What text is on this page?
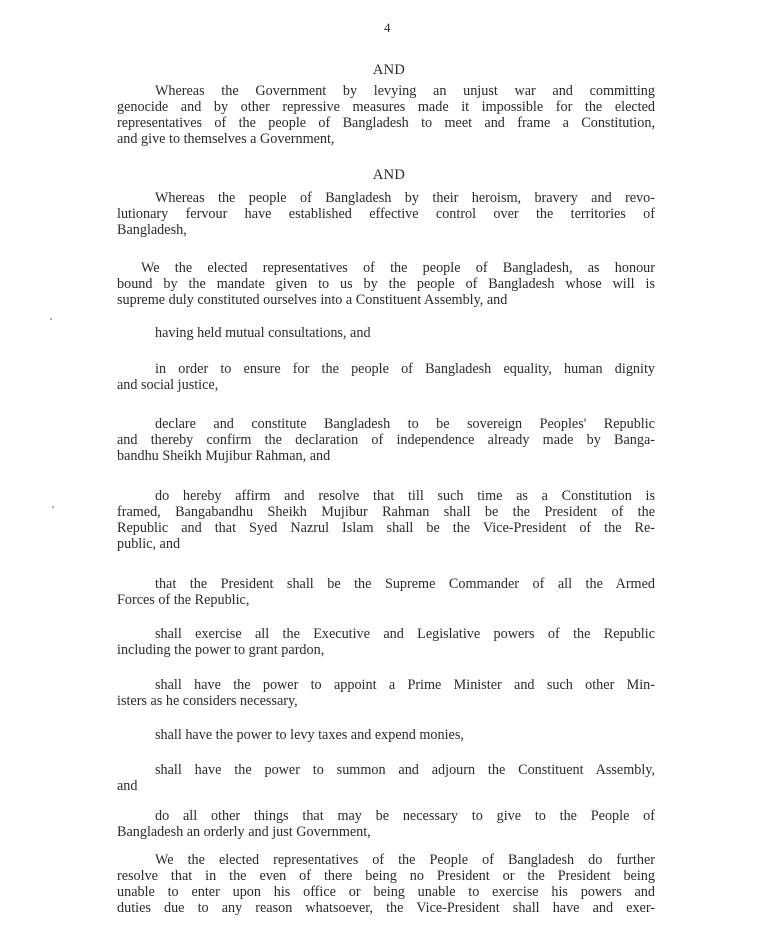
4
AND
Whereas the Government by levying an unjust war and committing
genocide and by other repressive measures made it impossible for the elected
representatives of the people of Bangladesh to meet and frame a Constitution,
and give to themselves a Government,
AND
Whereas the people of Bangladesh by their heroism, bravery and revo-
lutionary fervour have established effective control over the territories of
Bangladesh,
We the elected representatives of the people of Bangladesh, as honour
bound by the mandate given to us by the people of Bangladesh whose will is
supreme duly constituted ourselves into a Constituent Assembly, and
having held mutual consultations, and
in order to ensure for the people of Bangladesh equality, human dignity
and social justice,
declare and constitute Bangladesh to be sovereign Peoples' Republic
and thereby confirm the declaration of independence already made by Banga-
bandhu Sheikh Mujibur Rahman, and
do hereby affirm and resolve that till such time as a Constitution is
framed, Bangabandhu Sheikh Mujibur Rahman shall be the President of the
Republic and that Syed Nazrul Islam shall be the Vice-President of the Re-
public, and
that the President shall be the Supreme Commander of all the Armed
Forces of the Republic,
shall exercise all the Executive and Legislative powers of the Republic
including the power to grant pardon,
shall have the power to appoint a Prime Minister and such other Min-
isters as he considers necessary,
shall have the power to levy taxes and expend monies,
shall have the power to summon and adjourn the Constituent Assembly,
and
do all other things that may be necessary to give to the People of
Bangladesh an orderly and just Government,
We the elected representatives of the People of Bangladesh do further
resolve that in the even of there being no President or the President being
unable to enter upon his office or being unable to exercise his powers and
duties due to any reason whatsoever, the Vice-President shall have and exer-
